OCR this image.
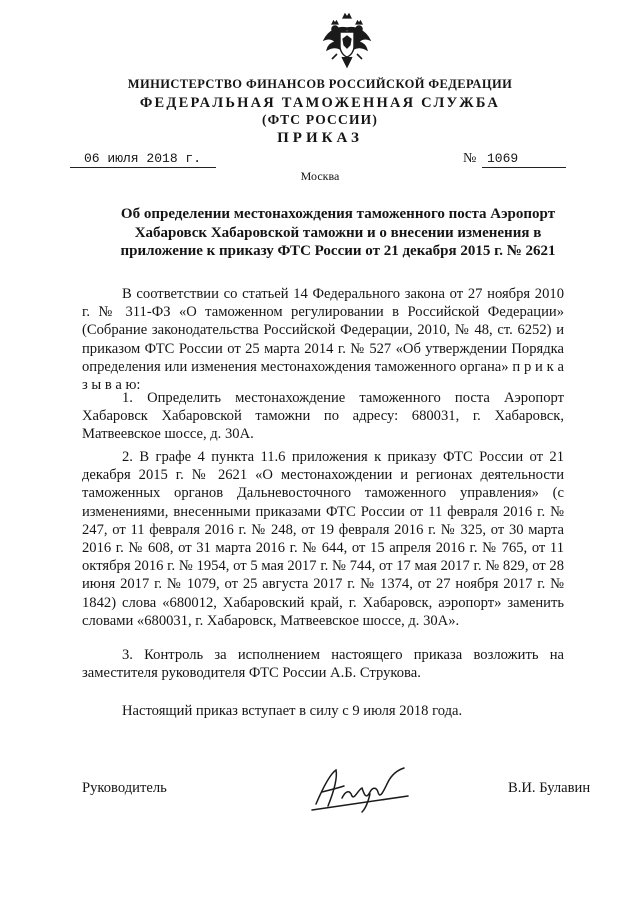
МИНИСТЕРСТВО ФИНАНСОВ РОССИЙСКОЙ ФЕДЕРАЦИИ
ФЕДЕРАЛЬНАЯ ТАМОЖЕННАЯ СЛУЖБА
(ФТС РОССИИ)
ПРИКАЗ
06 июля 2018 г.	№ 1069
Москва
Об определении местонахождения таможенного поста Аэропорт Хабаровск Хабаровской таможни и о внесении изменения в приложение к приказу ФТС России от 21 декабря 2015 г. № 2621

В соответствии со статьей 14 Федерального закона от 27 ноября 2010 г. № 311-ФЗ «О таможенном регулировании в Российской Федерации» (Собрание законодательства Российской Федерации, 2010, № 48, ст. 6252) и приказом ФТС России от 25 марта 2014 г. № 527 «Об утверждении Порядка определения или изменения местонахождения таможенного органа» п р и к а з ы в а ю:

1. Определить местонахождение таможенного поста Аэропорт Хабаровск Хабаровской таможни по адресу: 680031, г. Хабаровск, Матвеевское шоссе, д. 30А.

2. В графе 4 пункта 11.6 приложения к приказу ФТС России от 21 декабря 2015 г. № 2621 «О местонахождении и регионах деятельности таможенных органов Дальневосточного таможенного управления» (с изменениями, внесенными приказами ФТС России от 11 февраля 2016 г. № 247, от 11 февраля 2016 г. № 248, от 19 февраля 2016 г. № 325, от 30 марта 2016 г. № 608, от 31 марта 2016 г. № 644, от 15 апреля 2016 г. № 765, от 11 октября 2016 г. № 1954, от 5 мая 2017 г. № 744, от 17 мая 2017 г. № 829, от 28 июня 2017 г. № 1079, от 25 августа 2017 г. № 1374, от 27 ноября 2017 г. № 1842) слова «680012, Хабаровский край, г. Хабаровск, аэропорт» заменить словами «680031, г. Хабаровск, Матвеевское шоссе, д. 30А».

3. Контроль за исполнением настоящего приказа возложить на заместителя руководителя ФТС России А.Б. Струкова.

Настоящий приказ вступает в силу с 9 июля 2018 года.
Руководитель	В.И. Булавин
